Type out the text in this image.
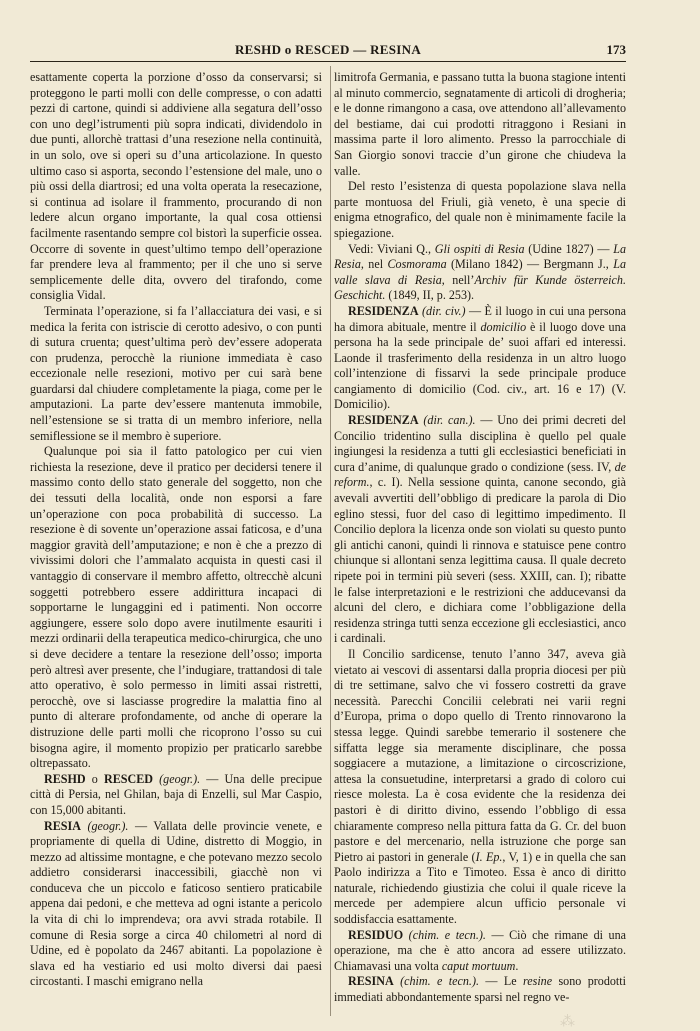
RESHD o RESCED — RESINA	173

esattamente coperta la porzione d’osso da conservarsi; si proteggono le parti molli con delle compresse, o con adatti pezzi di cartone, quindi si addiviene alla segatura dell’osso con uno degl’istrumenti più sopra indicati, dividendolo in due punti, allorchè trattasi d’una resezione nella continuità, in un solo, ove si operi su d’una articolazione. In questo ultimo caso si asporta, secondo l’estensione del male, uno o più ossi della diartrosi; ed una volta operata la resecazione, si continua ad isolare il frammento, procurando di non ledere alcun organo importante, la qual cosa ottiensi facilmente rasentando sempre col bistorì la superficie ossea. Occorre di sovente in quest’ultimo tempo dell’operazione far prendere leva al frammento; per il che uno si serve semplicemente delle dita, ovvero del tirafondo, come consiglia Vidal.

Terminata l’operazione, si fa l’allacciatura dei vasi, e si medica la ferita con istriscie di cerotto adesivo, o con punti di sutura cruenta; quest’ultima però dev’essere adoperata con prudenza, perocchè la riunione immediata è caso eccezionale nelle resezioni, motivo per cui sarà bene guardarsi dal chiudere completamente la piaga, come per le amputazioni. La parte dev’essere mantenuta immobile, nell’estensione se si tratta di un membro inferiore, nella semiflessione se il membro è superiore.

Qualunque poi sia il fatto patologico per cui vien richiesta la resezione, deve il pratico per decidersi tenere il massimo conto dello stato generale del soggetto, non che dei tessuti della località, onde non esporsi a fare un’operazione con poca probabilità di successo. La resezione è di sovente un’operazione assai faticosa, e d’una maggior gravità dell’amputazione; e non è che a prezzo di vivissimi dolori che l’ammalato acquista in questi casi il vantaggio di conservare il membro affetto, oltrecchè alcuni soggetti potrebbero essere addirittura incapaci di sopportarne le lungaggini ed i patimenti. Non occorre aggiungere, essere solo dopo avere inutilmente esauriti i mezzi ordinarii della terapeutica medico-chirurgica, che uno si deve decidere a tentare la resezione dell’osso; importa però altresì aver presente, che l’indugiare, trattandosi di tale atto operativo, è solo permesso in limiti assai ristretti, perocchè, ove si lasciasse progredire la malattia fino al punto di alterare profondamente, od anche di operare la distruzione delle parti molli che ricoprono l’osso su cui bisogna agire, il momento propizio per praticarlo sarebbe oltrepassato.

RESHD o RESCED (geogr.). — Una delle precipue città di Persia, nel Ghilan, baja di Enzelli, sul Mar Caspio, con 15,000 abitanti.

RESIA (geogr.). — Vallata delle provincie venete, e propriamente di quella di Udine, distretto di Moggio, in mezzo ad altissime montagne, e che potevano mezzo secolo addietro considerarsi inaccessibili, giacchè non vi conduceva che un piccolo e faticoso sentiero praticabile appena dai pedoni, e che metteva ad ogni istante a pericolo la vita di chi lo imprendeva; ora avvi strada rotabile. Il comune di Resia sorge a circa 40 chilometri al nord di Udine, ed è popolato da 2467 abitanti. La popolazione è slava ed ha vestiario ed usi molto diversi dai paesi circostanti. I maschi emigrano nella

limitrofa Germania, e passano tutta la buona stagione intenti al minuto commercio, segnatamente di articoli di drogheria; e le donne rimangono a casa, ove attendono all’allevamento del bestiame, dai cui prodotti ritraggono i Resiani in massima parte il loro alimento. Presso la parrocchiale di San Giorgio sonovi traccie d’un girone che chiudeva la valle.

Del resto l’esistenza di questa popolazione slava nella parte montuosa del Friuli, già veneto, è una specie di enigma etnografico, del quale non è minimamente facile la spiegazione.

Vedi: Viviani Q., Gli ospiti di Resia (Udine 1827) — La Resia, nel Cosmorama (Milano 1842) — Bergmann J., La valle slava di Resia, nell’Archiv für Kunde österreich. Geschicht. (1849, II, p. 253).

RESIDENZA (dir. civ.) — È il luogo in cui una persona ha dimora abituale, mentre il domicilio è il luogo dove una persona ha la sede principale de’ suoi affari ed interessi. Laonde il trasferimento della residenza in un altro luogo coll’intenzione di fissarvi la sede principale produce cangiamento di domicilio (Cod. civ., art. 16 e 17) (V. Domicilio).

RESIDENZA (dir. can.). — Uno dei primi decreti del Concilio tridentino sulla disciplina è quello pel quale ingiungesi la residenza a tutti gli ecclesiastici beneficiati in cura d’anime, di qualunque grado o condizione (sess. IV, de reform., c. I). Nella sessione quinta, canone secondo, già avevali avvertiti dell’obbligo di predicare la parola di Dio eglino stessi, fuor del caso di legittimo impedimento. Il Concilio deplora la licenza onde son violati su questo punto gli antichi canoni, quindi li rinnova e statuisce pene contro chiunque si allontani senza legittima causa. Il quale decreto ripete poi in termini più severi (sess. XXIII, can. I); ribatte le false interpretazioni e le restrizioni che adducevansi da alcuni del clero, e dichiara come l’obbligazione della residenza stringa tutti senza eccezione gli ecclesiastici, anco i cardinali.

Il Concilio sardicense, tenuto l’anno 347, aveva già vietato ai vescovi di assentarsi dalla propria diocesi per più di tre settimane, salvo che vi fossero costretti da grave necessità. Parecchi Concilii celebrati nei varii regni d’Europa, prima o dopo quello di Trento rinnovarono la stessa legge. Quindi sarebbe temerario il sostenere che siffatta legge sia meramente disciplinare, che possa soggiacere a mutazione, a limitazione o circoscrizione, attesa la consuetudine, interpretarsi a grado di coloro cui riesce molesta. La è cosa evidente che la residenza dei pastori è di diritto divino, essendo l’obbligo di essa chiaramente compreso nella pittura fatta da G. Cr. del buon pastore e del mercenario, nella istruzione che porge san Pietro ai pastori in generale (I. Ep., V, 1) e in quella che san Paolo indirizza a Tito e Timoteo. Essa è anco di diritto naturale, richiedendo giustizia che colui il quale riceve la mercede per adempiere alcun ufficio personale vi soddisfaccia esattamente.

RESIDUO (chim. e tecn.). — Ciò che rimane di una operazione, ma che è atto ancora ad essere utilizzato. Chiamavasi una volta caput mortuum.

RESINA (chim. e tecn.). — Le resine sono prodotti immediati abbondantemente sparsi nel regno ve-

⁂
